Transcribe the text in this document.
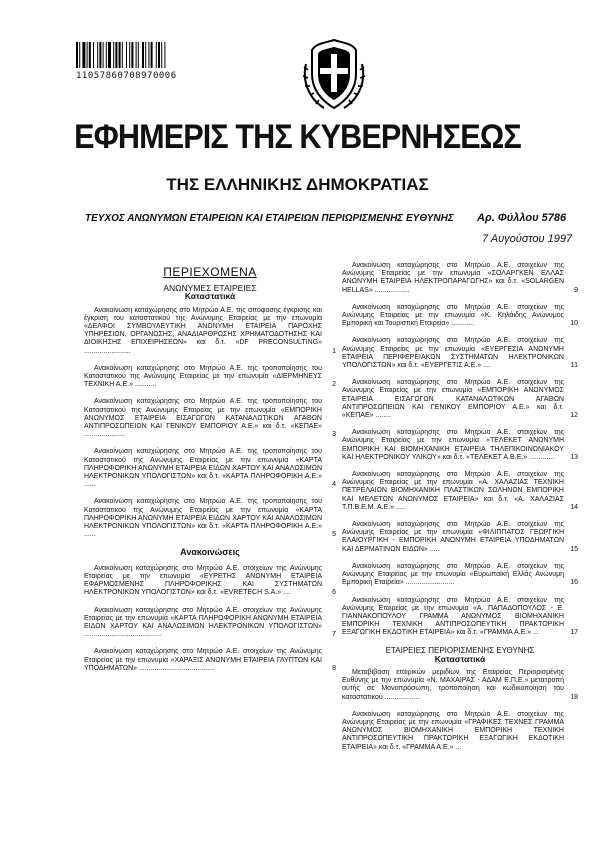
11057860708970006
ΕΦΗΜΕΡΙΣ ΤΗΣ ΚΥΒΕΡΝΗΣΕΩΣ
ΤΗΣ ΕΛΛΗΝΙΚΗΣ ΔΗΜΟΚΡΑΤΙΑΣ
ΤΕΥΧΟΣ ΑΝΩΝΥΜΩΝ ΕΤΑΙΡΕΙΩΝ ΚΑΙ ΕΤΑΙΡΕΙΩΝ ΠΕΡΙΩΡΙΣΜΕΝΗΣ ΕΥΘΥΝΗΣ Αρ. Φύλλου 5786
7 Αυγούστου 1997
ΠΕΡΙΕΧΟΜΕΝΑ
ΑΝΩΝΥΜΕΣ ΕΤΑΙΡΕΙΕΣ
Καταστατικά
Ανακοίνωση καταχώρησης στο Μητρώο Α.Ε. της απόφασης έγκρισης και έγκριση του καταστατικού της Ανώνυμης Εταιρείας με την επωνυμία «ΔΕΛΦΟΙ ΣΥΜΒΟΥΛΕΥΤΙΚΗ ΑΝΩΝΥΜΗ ΕΤΑΙΡΕΙΑ ΠΑΡΟΧΗΣ ΥΠΗΡΕΣΙΩΝ, ΟΡΓΑΝΩΣΗΣ, ΑΝΑΔΙΑΡΘΡΩΣΗΣ ΧΡΗΜΑΤΟΔΟΤΗΣΗΣ ΚΑΙ ΔΙΟΙΚΗΣΗΣ ΕΠΙΧΕΙΡΗΣΕΩΝ» και δ.τ. «DF PRECONSULTING» ........................	1
Ανακοίνωση καταχώρησης στο Μητρώο Α.Ε. της τροποποίησης του Καταστατικού της Ανώνυμης Εταιρείας με την επωνυμία «ΔΙΕΡΜΗΝΕΥΣ ΤΕΧΝΙΚΗ Α.Ε.» ...........	2
Ανακοίνωση καταχώρησης στο Μητρώο Α.Ε. της τροποποίησης του Καταστατικού της Ανώνυμης Εταιρείας με την επωνυμία «ΕΜΠΟΡΙΚΗ ΑΝΩΝΥΜΟΣ ΕΤΑΙΡΕΙΑ ΕΙΣΑΓΩΓΩΝ ΚΑΤΑΝΑΛΩΤΙΚΩΝ ΑΓΑΘΩΝ ΑΝΤΙΠΡΟΣΩΠΕΙΩΝ ΚΑΙ ΓΕΝΙΚΟΥ ΕΜΠΟΡΙΟΥ Α.Ε.» και δ.τ. «ΚΕΠΑΕ» .....................	3
Ανακοίνωση καταχώρησης στο Μητρώο Α.Ε. της τροποποίησης του Καταστατικού της Ανώνυμης Εταιρείας με την επωνυμία «ΚΑΡΤΑ ΠΛΗΡΟΦΟΡΙΚΗ ΑΝΩΝΥΜΗ ΕΤΑΙΡΕΙΑ ΕΙΔΩΝ ΧΑΡΤΟΥ ΚΑΙ ΑΝΑΛΩΣΙΜΩΝ ΗΛΕΚΤΡΟΝΙΚΩΝ ΥΠΟΛΟΓΙΣΤΩΝ» και δ.τ. «ΚΑΡΤΑ ΠΛΗΡΟΦΟΡΙΚΗ Α.Ε.» ......	4
Ανακοίνωση καταχώρησης στο Μητρώο Α.Ε. της τροποποίησης του Καταστατικού της Ανώνυμης Εταιρείας με την επωνυμία «ΚΑΡΤΑ ΠΛΗΡΟΦΟΡΙΚΗ ΑΝΩΝΥΜΗ ΕΤΑΙΡΕΙΑ ΕΙΔΩΝ ΧΑΡΤΟΥ ΚΑΙ ΑΝΑΛΩΣΙΜΩΝ ΗΛΕΚΤΡΟΝΙΚΩΝ ΥΠΟΛΟΓΙΣΤΩΝ» και δ.τ. «ΚΑΡΤΑ ΠΛΗΡΟΦΟΡΙΚΗ Α.Ε.» ......	5
Ανακοινώσεις
Ανακοίνωση καταχώρησης στο Μητρώο Α.Ε. στοιχείων της Ανώνυμης Εταιρείας με την επωνυμία «ΕΥΡΕΤΗΣ ΑΝΩΝΥΜΗ ΕΤΑΙΡΕΙΑ ΕΦΑΡΜΟΣΜΕΝΗΣ ΠΛΗΡΟΦΟΡΙΚΗΣ ΚΑΙ ΣΥΣΤΗΜΑΤΩΝ ΗΛΕΚΤΡΟΝΙΚΩΝ ΥΠΟΛΟΓΙΣΤΩΝ» και δ.τ. «EVRETECH S.A.» ....	6
Ανακοίνωση καταχώρησης στο Μητρώο Α.Ε. στοιχείων της Ανώνυμης Εταιρείας με την επωνυμία «ΚΑΡΤΑ ΠΛΗΡΟΦΟΡΙΚΗ ΑΝΩΝΥΜΗ ΕΤΑΙΡΕΙΑ ΕΙΔΩΝ ΧΑΡΤΟΥ ΚΑΙ ΑΝΑΛΩΣΙΜΩΝ ΗΛΕΚΤΡΟΝΙΚΩΝ ΥΠΟΛΟΓΙΣΤΩΝ» ........................................	7
Ανακοίνωση καταχώρησης στο Μητρώο Α.Ε. στοιχείων της Ανώνυμης Εταιρείας με την επωνυμία «ΧΑΡΑΞΙΣ ΑΝΩΝΥΜΗ ΕΤΑΙΡΕΙΑ ΓΛΥΠΤΩΝ ΚΑΙ ΥΠΟΔΗΜΑΤΩΝ» .......................................	8
Ανακοίνωση καταχώρησης στο Μητρώο Α.Ε. στοιχείων της Ανώνυμης Εταιρείας με την επωνυμία «ΣΟΛΑΡΓΚΕΝ ΕΛΛΑΣ ΑΝΩΝΥΜΗ ΕΤΑΙΡΕΙΑ ΗΛΕΚΤΡΟΠΑΡΑΓΩΓΗΣ» και δ.τ. «SOLARGEN HELLAS» ..................	9
Ανακοίνωση καταχώρησης στο Μητρώο Α.Ε. στοιχείων της Ανώνυμης Εταιρείας με την επωνυμία «Κ. Κηλάιδης Ανώνυμος Εμπορική και Τουριστική Εταιρεία» ............	10
Ανακοίνωση καταχώρησης στο Μητρώο Α.Ε. στοιχείων της Ανώνυμης Εταιρείας με την επωνυμία «ΕΥΕΡΓΕΣΙΑ ΑΝΩΝΥΜΗ ΕΤΑΙΡΕΙΑ ΠΕΡΙΦΕΡΕΙΑΚΩΝ ΣΥΣΤΗΜΑΤΩΝ ΗΛΕΚΤΡΟΝΙΚΩΝ ΥΠΟΛΟΓΙΣΤΩΝ» και δ.τ. «ΕΥΕΡΓΕΤΙΣ Α.Ε.» ....	11
Ανακοίνωση καταχώρησης στο Μητρώο Α.Ε. στοιχείων της Ανώνυμης Εταιρείας με την επωνυμία «ΕΜΠΟΡΙΚΗ ΑΝΩΝΥΜΟΣ ΕΤΑΙΡΕΙΑ ΕΙΣΑΓΩΓΩΝ ΚΑΤΑΝΑΛΩΤΙΚΩΝ ΑΓΑΘΩΝ ΑΝΤΙΠΡΟΣΩΠΕΙΩΝ ΚΑΙ ΓΕΝΙΚΟΥ ΕΜΠΟΡΙΟΥ Α.Ε.» και δ.τ. «ΚΕΠΑΕ» ........	12
Ανακοίνωση καταχώρησης στο Μητρώο Α.Ε. στοιχείων της Ανώνυμης Εταιρείας με την επωνυμία «ΤΕΛΕΚΕΤ ΑΝΩΝΥΜΗ ΕΜΠΟΡΙΚΗ ΚΑΙ ΒΙΟΜΗΧΑΝΙΚΗ ΕΤΑΙΡΕΙΑ ΤΗΛΕΠΙΚΟΙΝΩΝΙΑΚΟΥ ΚΑΙ ΗΛΕΚΤΡΟΝΙΚΟΥ ΥΛΙΚΟΥ» και δ.τ. «ΤΕΛΕΚΕΤ Α.Β.Ε.» .............	13
Ανακοίνωση καταχώρησης στο Μητρώο Α.Ε. στοιχείων της Ανώνυμης Εταιρείας με την επωνυμία «Α. ΧΑΛΑΖΙΑΣ ΤΕΧΝΙΚΗ ΠΕΤΡΕΛΑΙΩΝ ΒΙΟΜΗΧΑΝΙΚΗ ΠΛΑΣΤΙΚΩΝ ΣΩΛΗΝΩΝ ΕΜΠΟΡΙΚΗ ΚΑΙ ΜΕΛΕΤΩΝ ΑΝΩΝΥΜΟΣ ΕΤΑΙΡΕΙΑ» και δ.τ. «Α. ΧΑΛΑΖΙΑΣ Τ.Π.Β.Ε.Μ. Α.Ε.» .....	14
Ανακοίνωση καταχώρησης στο Μητρώο Α.Ε. στοιχείων της Ανώνυμης Εταιρείας με την επωνυμία «ΦΙΛΙΠΠΑΤΟΣ ΓΕΩΡΓΙΚΗ ΕΛΑΙΟΥΡΓΙΚΗ - ΕΜΠΟΡΙΚΗ ΑΝΩΝΥΜΗ ΕΤΑΙΡΕΙΑ ΥΠΟΔΗΜΑΤΩΝ ΚΑΙ ΔΕΡΜΑΤΙΝΩΝ ΕΙΔΩΝ» .....	15
Ανακοίνωση καταχώρησης στο Μητρώο Α.Ε. στοιχείων της Ανώνυμης Εταιρείας με την επωνυμία «Ευρωπαϊκή Ελλάς Ανώνυμη Εμπορική Εταιρεία» .........................	16
Ανακοίνωση καταχώρησης στο Μητρώο Α.Ε. στοιχείων της Ανώνυμης Εταιρείας με την επωνυμία «Α. ΠΑΠΑΔΟΠΟΥΛΟΣ - Ε. ΓΙΑΝΝΑΚΟΠΟΥΛΟΥ ΓΡΑΜΜΑ ΑΝΩΝΥΜΟΣ ΒΙΟΜΗΧΑΝΙΚΗ ΕΜΠΟΡΙΚΗ ΤΕΧΝΙΚΗ ΑΝΤΙΠΡΟΣΩΠΕΥΤΙΚΗ ΠΡΑΚΤΟΡΙΚΗ ΕΞΑΓΩΓΙΚΗ ΕΚΔΟΤΙΚΗ ΕΤΑΙΡΕΙΑ» και δ.τ. «ΓΡΑΜΜΑ Α.Ε.» ...	17
ΕΤΑΙΡΕΙΕΣ ΠΕΡΙΟΡΙΣΜΕΝΗΣ ΕΥΘΥΝΗΣ
Καταστατικά
Μεταβίβαση εταιρικών μεριδίων της Εταιρείας Περιορισμένης Ευθύνης με την επωνυμία «Ν. ΜΑΧΑΙΡΑΣ - ΑΔΑΜ Ε.Π.Ε.» μετατροπή αυτής σε Μονοπρόσωπη, τροποποίηση και κωδικοποίηση του καταστατικού ..................	18
Ανακοίνωση καταχώρησης στο Μητρώο Α.Ε. στοιχείων της Ανώνυμης Εταιρείας με την επωνυμία «ΓΡΑΦΙΚΕΣ ΤΕΧΝΕΣ ΓΡΑΜΜΑ ΑΝΩΝΥΜΟΣ ΒΙΟΜΗΧΑΝΙΚΗ ΕΜΠΟΡΙΚΗ ΤΕΧΝΙΚΗ ΑΝΤΙΠΡΟΣΩΠΕΥΤΙΚΗ ΠΡΑΚΤΟΡΙΚΗ ΕΞΑΓΩΓΙΚΗ ΕΚΔΟΤΙΚΗ ΕΤΑΙΡΕΙΑ» και δ.τ. «ΓΡΑΜΜΑ Α.Ε.» ...
